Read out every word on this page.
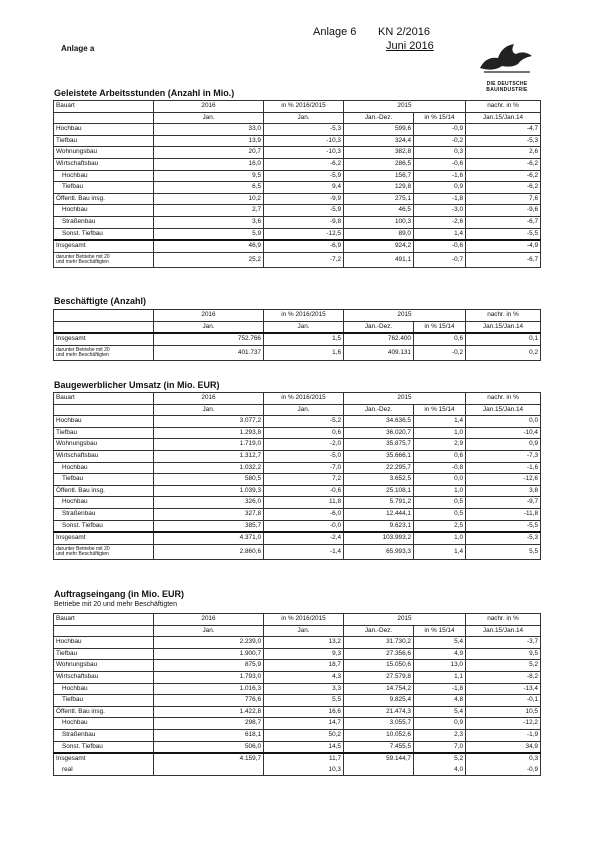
Anlage 6 KN 2/2016
Juni 2016
Anlage a
DIE DEUTSCHE
BAUINDUSTRIE
Geleistete Arbeitsstunden (Anzahl in Mio.)
Bauart	2016	in % 2016/2015	2015		nachr. in %
	Jan.	Jan.	Jan.-Dez.	in % 15/14	Jan.15/Jan.14
Hochbau	33,0	-5,3	599,6	-0,9	-4,7
Tiefbau	13,9	-10,3	324,4	-0,2	-5,3
Wohnungsbau	20,7	-10,3	382,8	0,3	2,6
Wirtschaftsbau	16,0	-6,2	286,5	-0,6	-6,2
Hochbau	9,5	-5,9	156,7	-1,6	-6,2
Tiefbau	6,5	9,4	129,8	0,9	-6,2
Öffentl. Bau insg.	10,2	-9,9	275,1	-1,8	7,6
Hochbau	2,7	-5,9	46,5	-3,0	-9,6
Straßenbau	3,6	-9,8	100,3	-2,6	-6,7
Sonst. Tiefbau	5,9	-12,5	89,0	1,4	-5,5
Insgesamt	46,9	-6,9	924,2	-0,6	-4,9
darunter Betriebe mit 20
und mehr Beschäftigten	25,2	-7,2	491,1	-0,7	-6,7
Beschäftigte (Anzahl)
	2016	in % 2016/2015	2015		nachr. in %
	Jan.	Jan.	Jan.-Dez.	in % 15/14	Jan.15/Jan.14
Insgesamt	752.766	1,5	762.400	0,6	0,1
darunter Betriebe mit 20
und mehr Beschäftigten	401.737	1,6	409.131	-0,2	0,2
Baugewerblicher Umsatz (in Mio. EUR)
Bauart	2016	in % 2016/2015	2015		nachr. in %
	Jan.	Jan.	Jan.-Dez.	in % 15/14	Jan.15/Jan.14
Hochbau	3.077,2	-5,2	34.636,5	1,4	0,0
Tiefbau	1.293,8	0,6	36.020,7	1,0	-10,4
Wohnungsbau	1.719,0	-2,0	35.875,7	2,9	0,9
Wirtschaftsbau	1.312,7	-5,0	35.666,1	0,6	-7,3
Hochbau	1.032,2	-7,0	22.295,7	-0,8	-1,6
Tiefbau	580,5	7,2	3.652,5	0,0	-12,6
Öffentl. Bau insg.	1.039,3	-0,6	25.108,1	1,0	3,8
Hochbau	326,0	11,8	5.791,2	0,5	-9,7
Straßenbau	327,8	-6,0	12.444,1	0,5	-11,8
Sonst. Tiefbau	385,7	-0,0	9.623,1	2,5	-5,5
Insgesamt	4.371,0	-2,4	103.993,2	1,0	-5,3
darunter Betriebe mit 20
und mehr Beschäftigten	2.860,6	-1,4	65.993,3	1,4	5,5
Auftragseingang (in Mio. EUR)
Betriebe mit 20 und mehr Beschäftigten
Bauart	2016	in % 2016/2015	2015		nachr. in %
	Jan.	Jan.	Jan.-Dez.	in % 15/14	Jan.15/Jan.14
Hochbau	2.239,0	13,2	31.730,2	5,4	-3,7
Tiefbau	1.900,7	9,3	27.356,6	4,9	9,5
Wohnungsbau	875,9	18,7	15.050,6	13,0	5,2
Wirtschaftsbau	1.793,0	4,3	27.579,8	1,1	-8,2
Hochbau	1.016,3	3,3	14.754,2	-1,8	-13,4
Tiefbau	776,6	5,5	9.825,4	4,8	-0,1
Öffentl. Bau insg.	1.422,8	16,6	21.474,3	5,4	10,5
Hochbau	298,7	14,7	3.055,7	0,9	-12,2
Straßenbau	618,1	50,2	10.052,6	2,3	-1,9
Sonst. Tiefbau	506,0	14,5	7.455,5	7,0	34,9
Insgesamt	4.159,7	11,7	59.144,7	5,2	0,3
real		10,3		4,0	-0,9
